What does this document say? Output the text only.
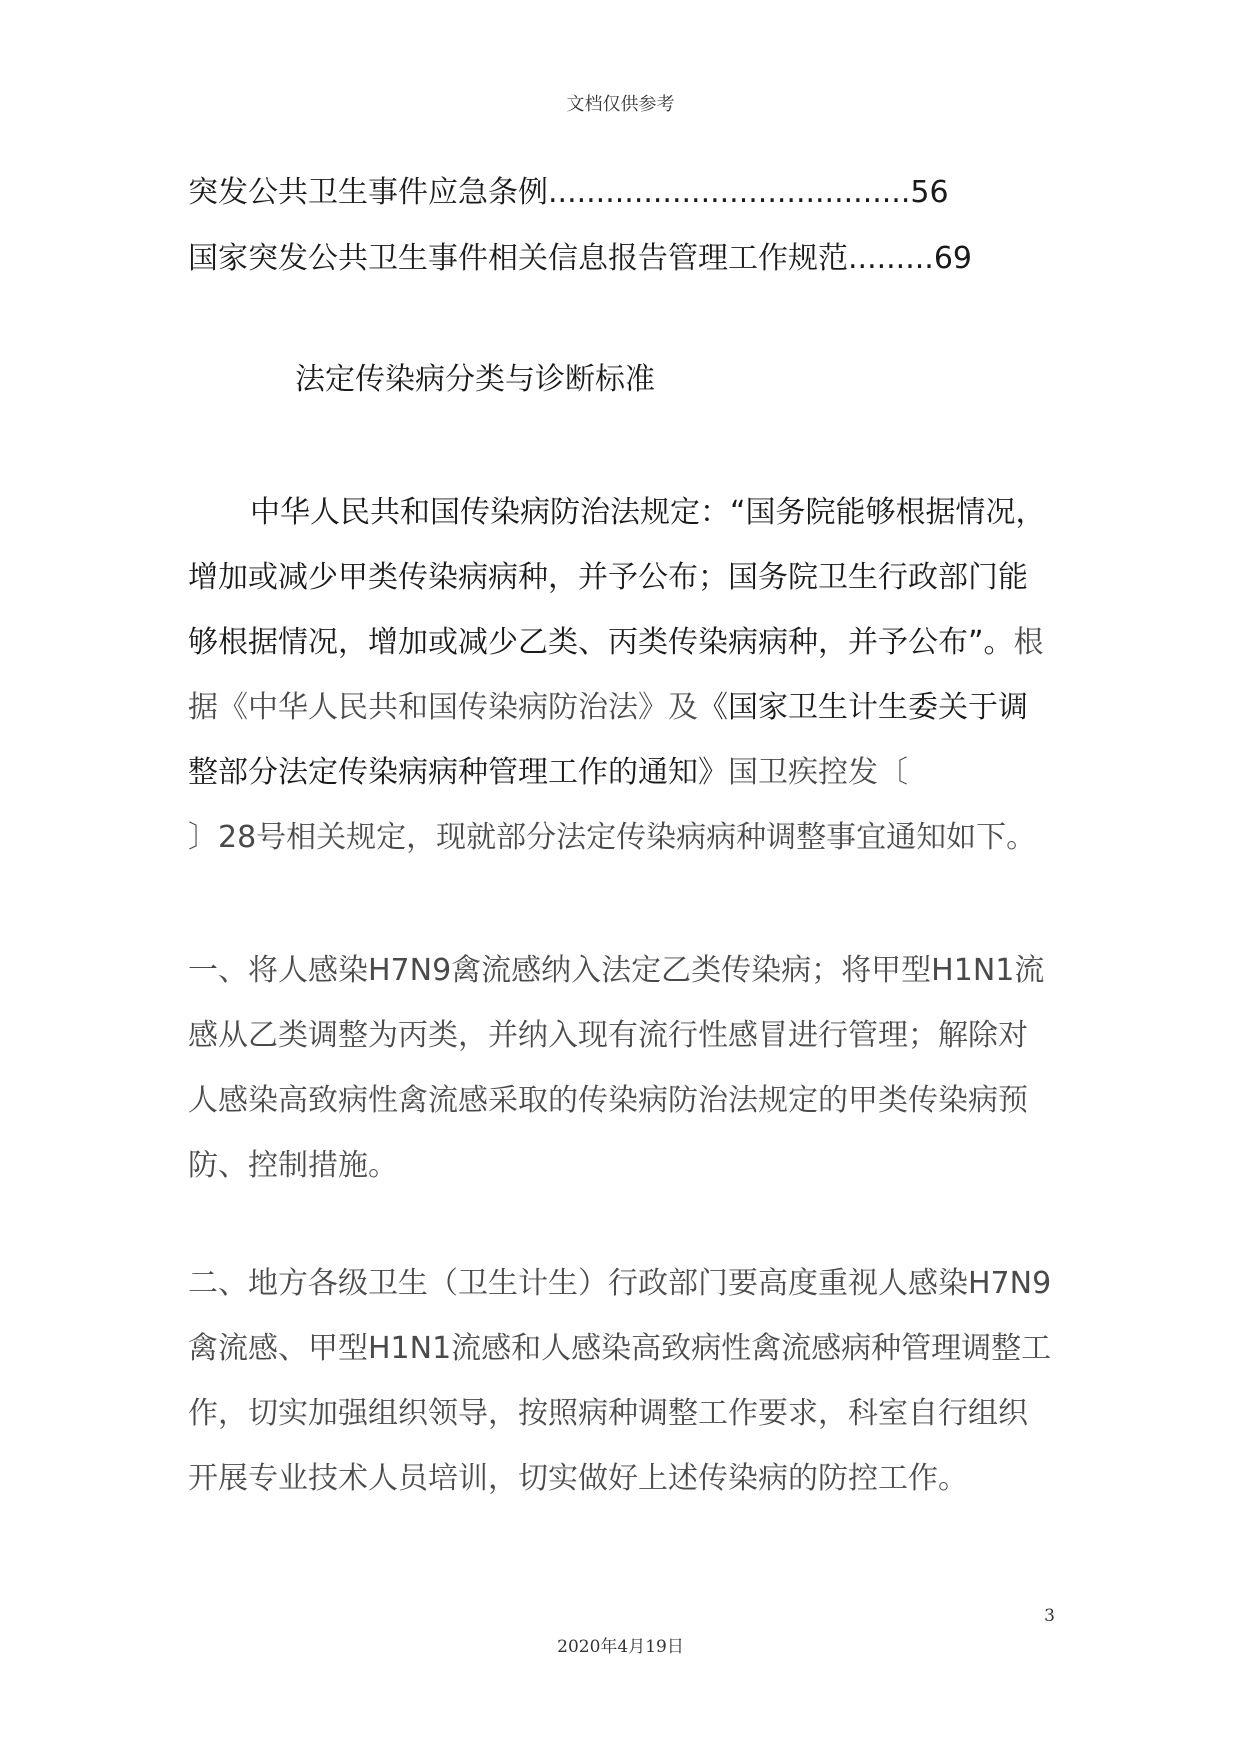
文档仅供参考
突发公共卫生事件应急条例......................................56
国家突发公共卫生事件相关信息报告管理工作规范.........69
法定传染病分类与诊断标准
中华人民共和国传染病防治法规定：“国务院能够根据情况，
增加或减少甲类传染病病种，并予公布；国务院卫生行政部门能
够根据情况，增加或减少乙类、丙类传染病病种，并予公布”。根
据《中华人民共和国传染病防治法》及《国家卫生计生委关于调
整部分法定传染病病种管理工作的通知》国卫疾控发〔
〕28号相关规定，现就部分法定传染病病种调整事宜通知如下。
一、将人感染H7N9禽流感纳入法定乙类传染病；将甲型H1N1流
感从乙类调整为丙类，并纳入现有流行性感冒进行管理；解除对
人感染高致病性禽流感采取的传染病防治法规定的甲类传染病预
防、控制措施。
二、地方各级卫生（卫生计生）行政部门要高度重视人感染H7N9
禽流感、甲型H1N1流感和人感染高致病性禽流感病种管理调整工
作，切实加强组织领导，按照病种调整工作要求，科室自行组织
开展专业技术人员培训，切实做好上述传染病的防控工作。
3
2020年4月19日
